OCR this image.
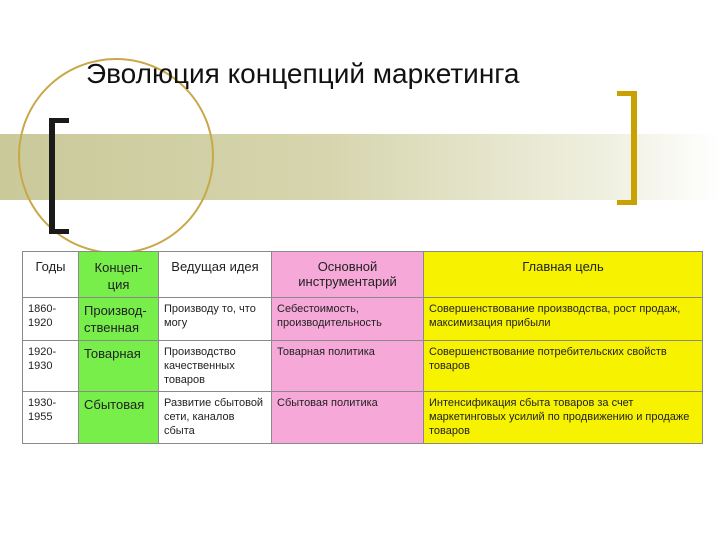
Эволюция концепций маркетинга
Годы	Концеп-ция	Ведущая идея	Основной инструментарий	Главная цель
1860-1920	Производ-ственная	Производу то, что могу	Себестоимость, производительность	Совершенствование производства, рост продаж, максимизация прибыли
1920-1930	Товарная	Производство качественных товаров	Товарная политика	Совершенствование потребительских свойств товаров
1930-1955	Сбытовая	Развитие сбытовой сети, каналов сбыта	Сбытовая политика	Интенсификация сбыта товаров за счет маркетинговых усилий по продвижению и продаже товаров
